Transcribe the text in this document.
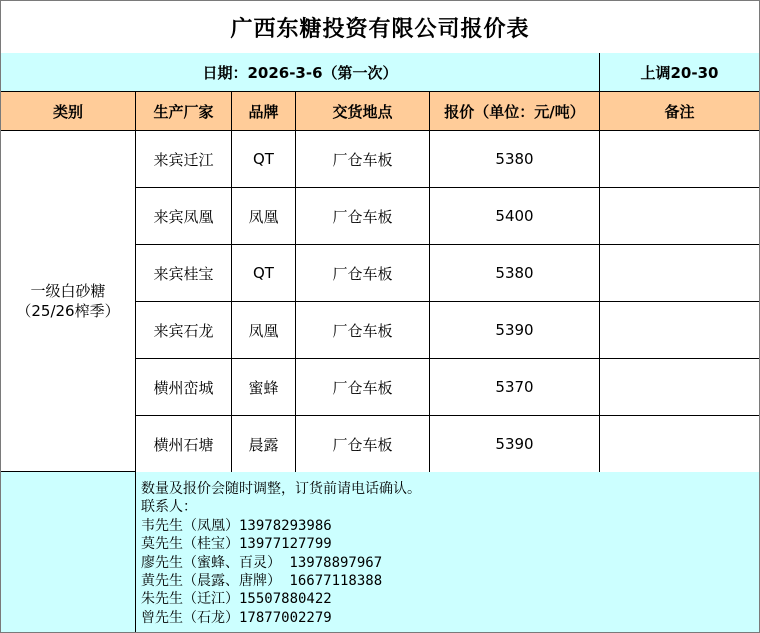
广西东糖投资有限公司报价表
日期：2026-3-6（第一次）	上调20-30
类别	生产厂家	品牌	交货地点	报价（单位：元/吨）	备注
一级白砂糖
（25/26榨季）
来宾迁江	QT	厂仓车板	5380
来宾凤凰	凤凰	厂仓车板	5400
来宾桂宝	QT	厂仓车板	5380
来宾石龙	凤凰	厂仓车板	5390
横州峦城	蜜蜂	厂仓车板	5370
横州石塘	晨露	厂仓车板	5390
数量及报价会随时调整，订货前请电话确认。
联系人：
韦先生（凤凰）13978293986
莫先生（桂宝）13977127799
廖先生（蜜蜂、百灵） 13978897967
黄先生（晨露、唐牌） 16677118388
朱先生（迁江）15507880422
曾先生（石龙）17877002279
